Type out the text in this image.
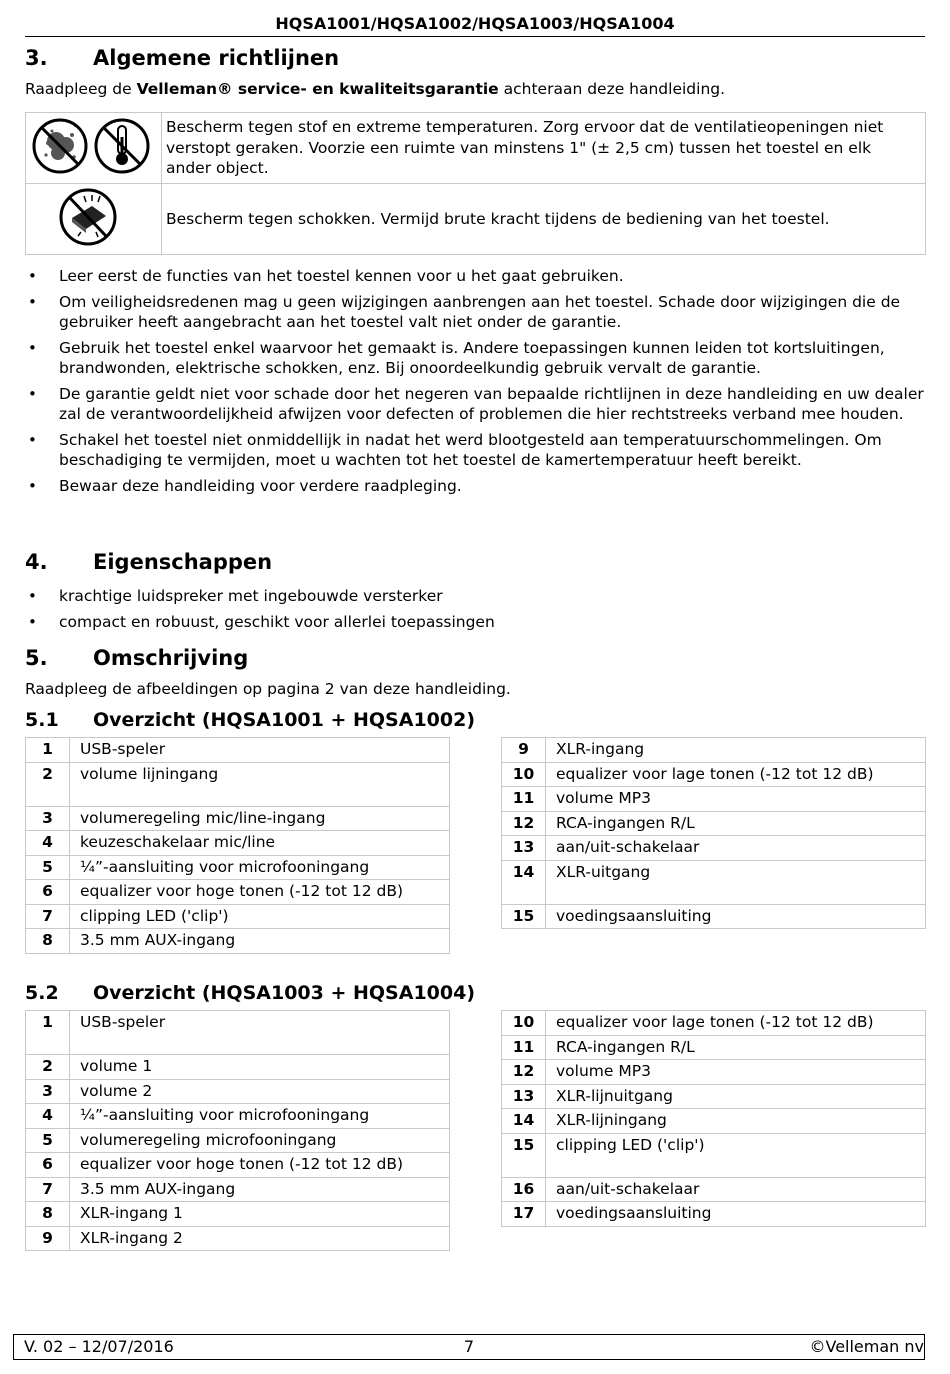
HQSA1001/HQSA1002/HQSA1003/HQSA1004
3. Algemene richtlijnen

Raadpleeg de Velleman® service- en kwaliteitsgarantie achteraan deze handleiding.

	Bescherm tegen stof en extreme temperaturen. Zorg ervoor dat de ventilatieopeningen niet verstopt geraken. Voorzie een ruimte van minstens 1" (± 2,5 cm) tussen het toestel en elk ander object.
	Bescherm tegen schokken. Vermijd brute kracht tijdens de bediening van het toestel.
• Leer eerst de functies van het toestel kennen voor u het gaat gebruiken.
• Om veiligheidsredenen mag u geen wijzigingen aanbrengen aan het toestel. Schade door wijzigingen die de gebruiker heeft aangebracht aan het toestel valt niet onder de garantie.
• Gebruik het toestel enkel waarvoor het gemaakt is. Andere toepassingen kunnen leiden tot kortsluitingen, brandwonden, elektrische schokken, enz. Bij onoordeelkundig gebruik vervalt de garantie.
• De garantie geldt niet voor schade door het negeren van bepaalde richtlijnen in deze handleiding en uw dealer zal de verantwoordelijkheid afwijzen voor defecten of problemen die hier rechtstreeks verband mee houden.
• Schakel het toestel niet onmiddellijk in nadat het werd blootgesteld aan temperatuurschommelingen. Om beschadiging te vermijden, moet u wachten tot het toestel de kamertemperatuur heeft bereikt.
• Bewaar deze handleiding voor verdere raadpleging.
4. Eigenschappen
• krachtige luidspreker met ingebouwde versterker
• compact en robuust, geschikt voor allerlei toepassingen
5. Omschrijving

Raadpleeg de afbeeldingen op pagina 2 van deze handleiding.

5.1 Overzicht (HQSA1001 + HQSA1002)
1	USB-speler
2	volume lijningang
3	volumeregeling mic/line-ingang
4	keuzeschakelaar mic/line
5	¼”-aansluiting voor microfooningang
6	equalizer voor hoge tonen (-12 tot 12 dB)
7	clipping LED ('clip')
8	3.5 mm AUX-ingang
9	XLR-ingang
10	equalizer voor lage tonen (-12 tot 12 dB)
11	volume MP3
12	RCA-ingangen R/L
13	aan/uit-schakelaar
14	XLR-uitgang
15	voedingsaansluiting
5.2 Overzicht (HQSA1003 + HQSA1004)
1	USB-speler
2	volume 1
3	volume 2
4	¼”-aansluiting voor microfooningang
5	volumeregeling microfooningang
6	equalizer voor hoge tonen (-12 tot 12 dB)
7	3.5 mm AUX-ingang
8	XLR-ingang 1
9	XLR-ingang 2
10	equalizer voor lage tonen (-12 tot 12 dB)
11	RCA-ingangen R/L
12	volume MP3
13	XLR-lijnuitgang
14	XLR-lijningang
15	clipping LED ('clip')
16	aan/uit-schakelaar
17	voedingsaansluiting
V. 02 – 12/07/2016	7	©Velleman nv
